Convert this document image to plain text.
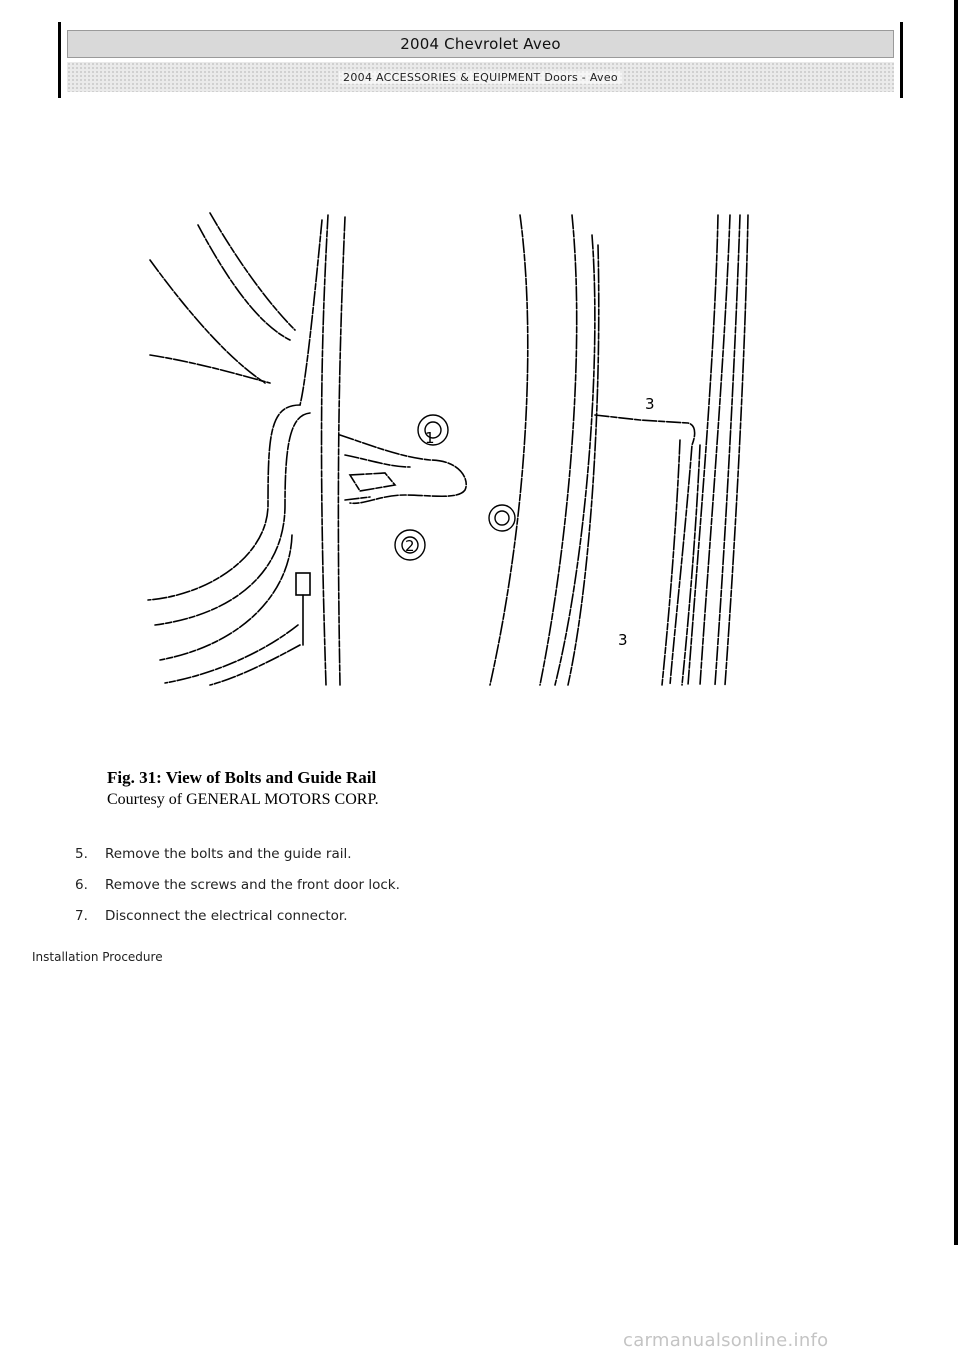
2004 Chevrolet Aveo
2004 ACCESSORIES & EQUIPMENT Doors - Aveo
1
2
3
3
Fig. 31: View of Bolts and Guide Rail
Courtesy of GENERAL MOTORS CORP.
5.	Remove the bolts and the guide rail.
6.	Remove the screws and the front door lock.
7.	Disconnect the electrical connector.
Installation Procedure
carmanualsonline.info
